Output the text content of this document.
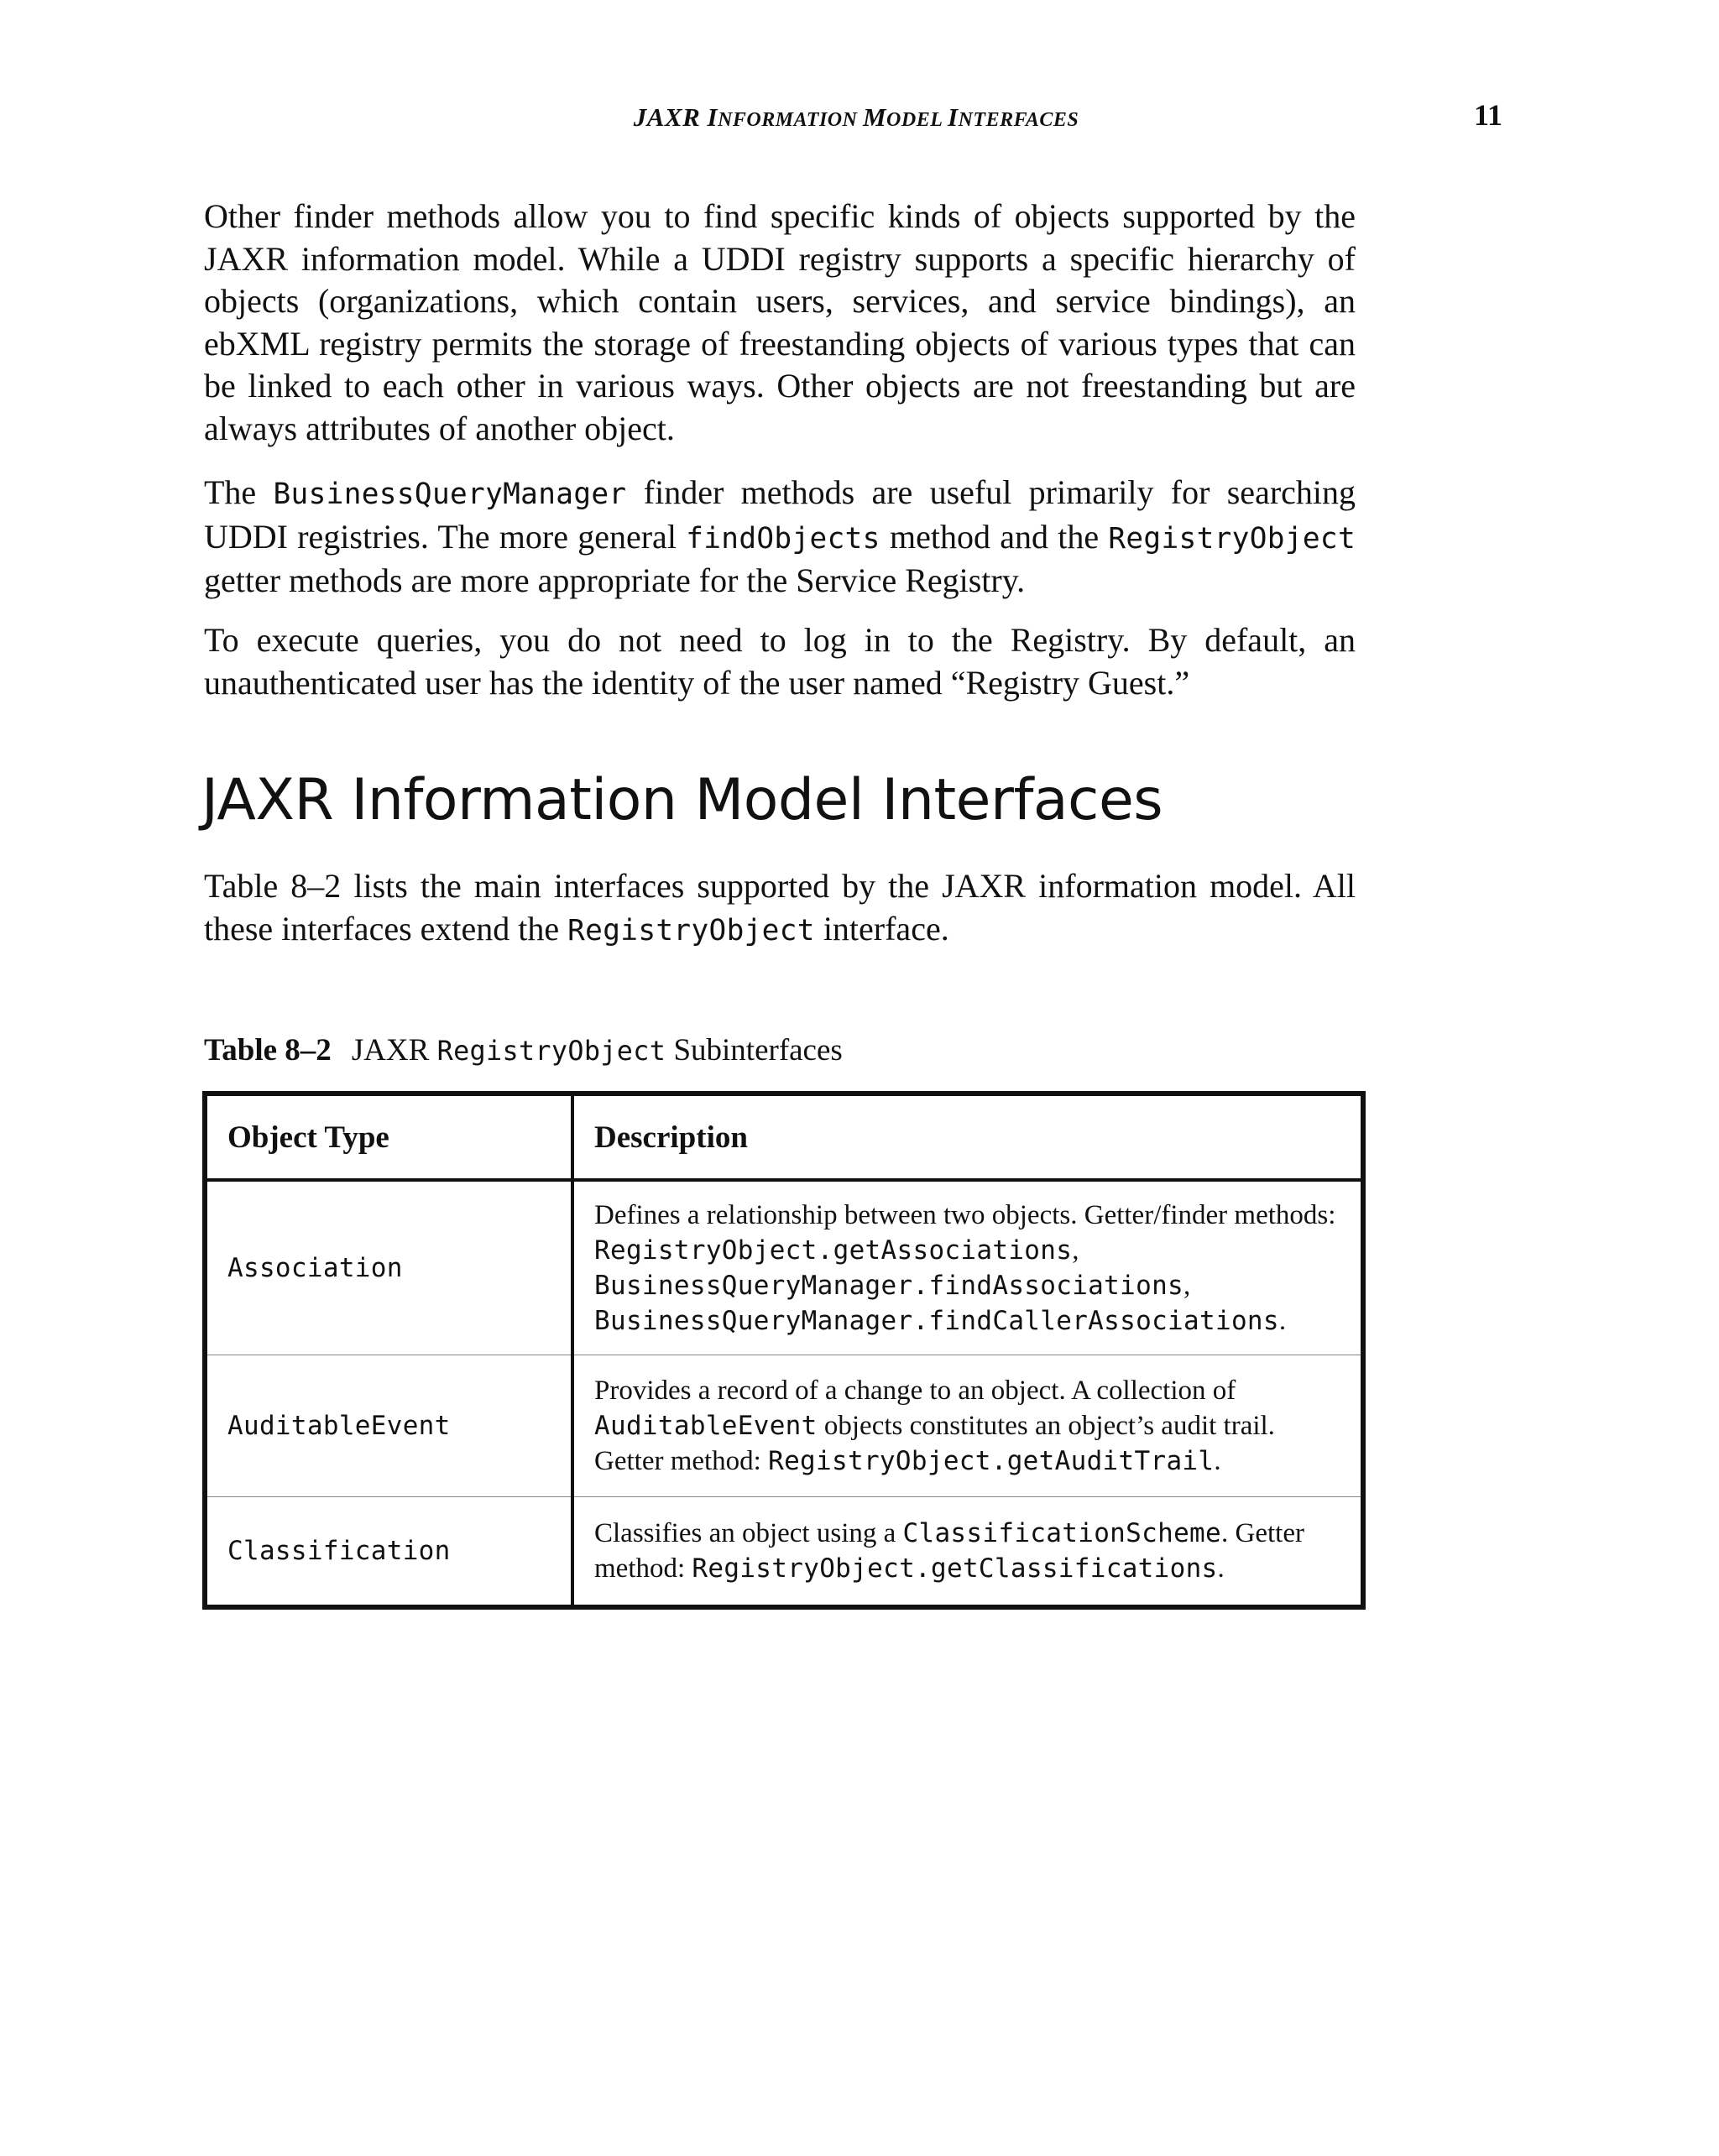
JAXR INFORMATION MODEL INTERFACES	11

Other finder methods allow you to find specific kinds of objects supported by the JAXR information model. While a UDDI registry supports a specific hierarchy of objects (organizations, which contain users, services, and service bindings), an ebXML registry permits the storage of freestanding objects of various types that can be linked to each other in various ways. Other objects are not freestanding but are always attributes of another object.

The BusinessQueryManager finder methods are useful primarily for searching UDDI registries. The more general findObjects method and the RegistryObject getter methods are more appropriate for the Service Registry.

To execute queries, you do not need to log in to the Registry. By default, an unauthenticated user has the identity of the user named “Registry Guest.”

JAXR Information Model Interfaces

Table 8–2 lists the main interfaces supported by the JAXR information model. All these interfaces extend the RegistryObject interface.

Table 8–2 JAXR RegistryObject Subinterfaces
Object Type	Description
Association	Defines a relationship between two objects. Getter/finder methods: RegistryObject.getAssociations, BusinessQueryManager.findAssociations, BusinessQueryManager.findCallerAssociations.
AuditableEvent	Provides a record of a change to an object. A collection of AuditableEvent objects constitutes an object’s audit trail. Getter method: RegistryObject.getAuditTrail.
Classification	Classifies an object using a ClassificationScheme. Getter method: RegistryObject.getClassifications.
